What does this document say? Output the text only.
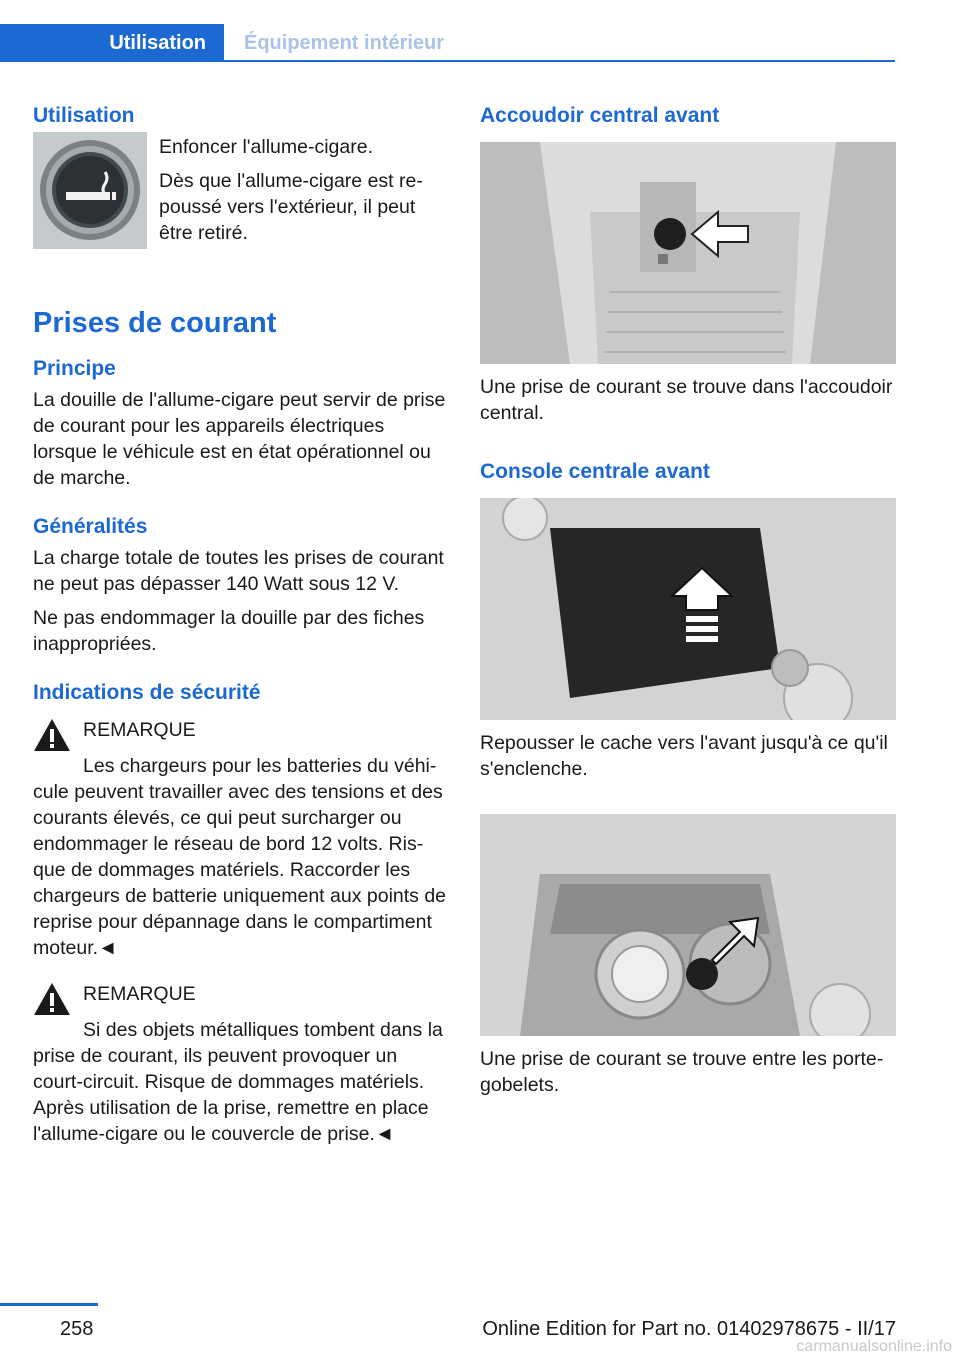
Utilisation	Équipement intérieur
Utilisation

Enfoncer l'allume-cigare.

Dès que l'allume-cigare est repoussé vers l'extérieur, il peut être retiré.

Prises de courant
Principe

La douille de l'allume-cigare peut servir de prise de courant pour les appareils électriques lorsque le véhicule est en état opérationnel ou de marche.

Généralités

La charge totale de toutes les prises de courant ne peut pas dépasser 140 Watt sous 12 V.

Ne pas endommager la douille par des fiches inappropriées.

Indications de sécurité

REMARQUE

Les chargeurs pour les batteries du véhicule peuvent travailler avec des tensions et des courants élevés, ce qui peut surcharger ou endommager le réseau de bord 12 volts. Risque de dommages matériels. Raccorder les chargeurs de batterie uniquement aux points de reprise pour dépannage dans le compartiment moteur.◄

REMARQUE

Si des objets métalliques tombent dans la prise de courant, ils peuvent provoquer un court-circuit. Risque de dommages matériels. Après utilisation de la prise, remettre en place l'allume-cigare ou le couvercle de prise.◄

Accoudoir central avant

Une prise de courant se trouve dans l'accoudoir central.

Console centrale avant

Repousser le cache vers l'avant jusqu'à ce qu'il s'enclenche.

Une prise de courant se trouve entre les porte-gobelets.

258	Online Edition for Part no. 01402978675 - II/17
carmanualsonline.info
